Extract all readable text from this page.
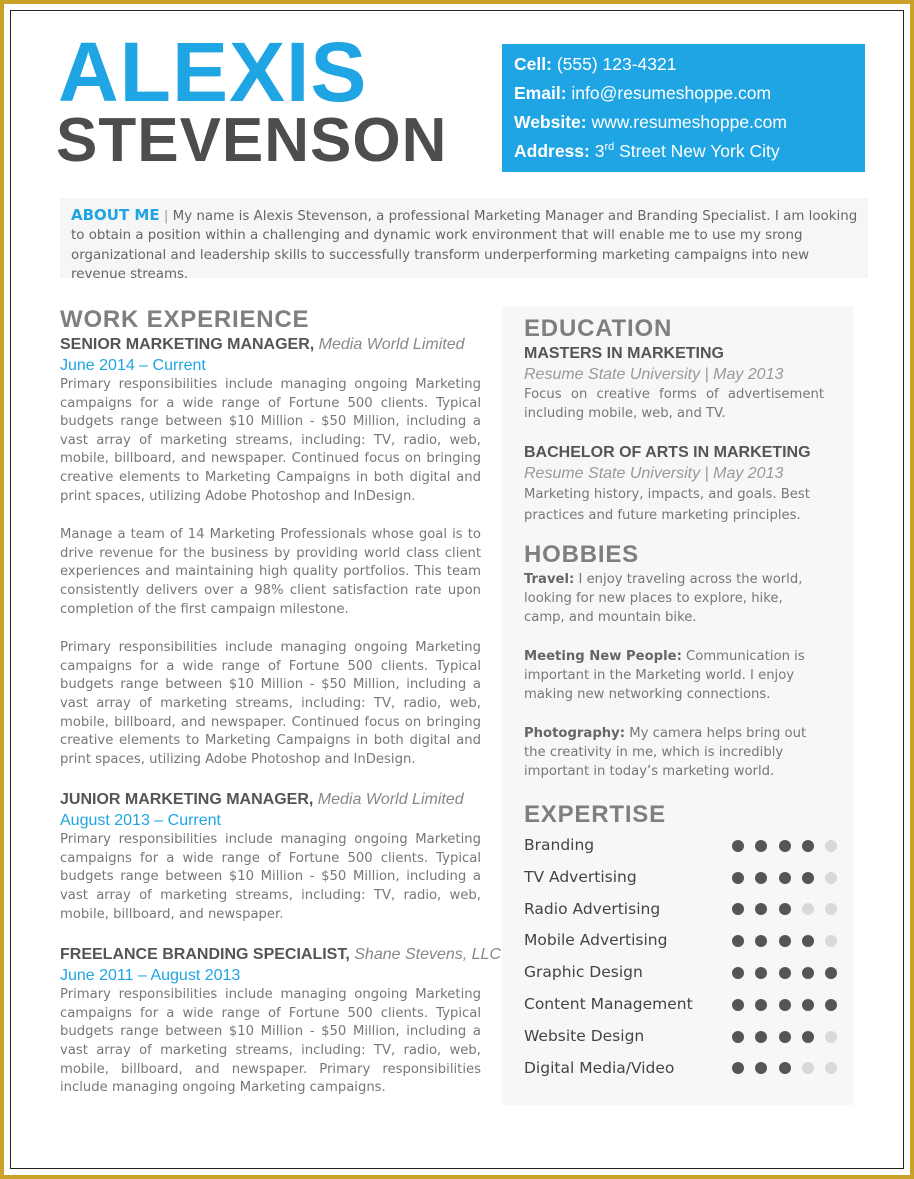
ALEXIS
STEVENSON
Cell: (555) 123-4321
Email: info@resumeshoppe.com
Website: www.resumeshoppe.com
Address: 3rd Street New York City
ABOUT ME | My name is Alexis Stevenson, a professional Marketing Manager and Branding Specialist. I am looking to obtain a position within a challenging and dynamic work environment that will enable me to use my srong organizational and leadership skills to successfully transform underperforming marketing campaigns into new revenue streams.
WORK EXPERIENCE
SENIOR MARKETING MANAGER, Media World Limited
June 2014 – Current
Primary responsibilities include managing ongoing Marketing campaigns for a wide range of Fortune 500 clients. Typical budgets range between $10 Million - $50 Million, including a vast array of marketing streams, including: TV, radio, web, mobile, billboard, and newspaper. Continued focus on bringing creative elements to Marketing Campaigns in both digital and print spaces, utilizing Adobe Photoshop and InDesign.
Manage a team of 14 Marketing Professionals whose goal is to drive revenue for the business by providing world class client experiences and maintaining high quality portfolios. This team consistently delivers over a 98% client satisfaction rate upon completion of the first campaign milestone.
Primary responsibilities include managing ongoing Marketing campaigns for a wide range of Fortune 500 clients. Typical budgets range between $10 Million - $50 Million, including a vast array of marketing streams, including: TV, radio, web, mobile, billboard, and newspaper. Continued focus on bringing creative elements to Marketing Campaigns in both digital and print spaces, utilizing Adobe Photoshop and InDesign.
JUNIOR MARKETING MANAGER, Media World Limited
August 2013 – Current
Primary responsibilities include managing ongoing Marketing campaigns for a wide range of Fortune 500 clients. Typical budgets range between $10 Million - $50 Million, including a vast array of marketing streams, including: TV, radio, web, mobile, billboard, and newspaper.
FREELANCE BRANDING SPECIALIST, Shane Stevens, LLC
June 2011 – August 2013
Primary responsibilities include managing ongoing Marketing campaigns for a wide range of Fortune 500 clients. Typical budgets range between $10 Million - $50 Million, including a vast array of marketing streams, including: TV, radio, web, mobile, billboard, and newspaper. Primary responsibilities include managing ongoing Marketing campaigns.
EDUCATION
MASTERS IN MARKETING
Resume State University | May 2013
Focus on creative forms of advertisement including mobile, web, and TV.
BACHELOR OF ARTS IN MARKETING
Resume State University | May 2013
Marketing history, impacts, and goals. Best practices and future marketing principles.
HOBBIES
Travel: I enjoy traveling across the world, looking for new places to explore, hike, camp, and mountain bike.
Meeting New People: Communication is important in the Marketing world. I enjoy making new networking connections.
Photography: My camera helps bring out the creativity in me, which is incredibly important in today’s marketing world.
EXPERTISE
Branding
TV Advertising
Radio Advertising
Mobile Advertising
Graphic Design
Content Management
Website Design
Digital Media/Video
